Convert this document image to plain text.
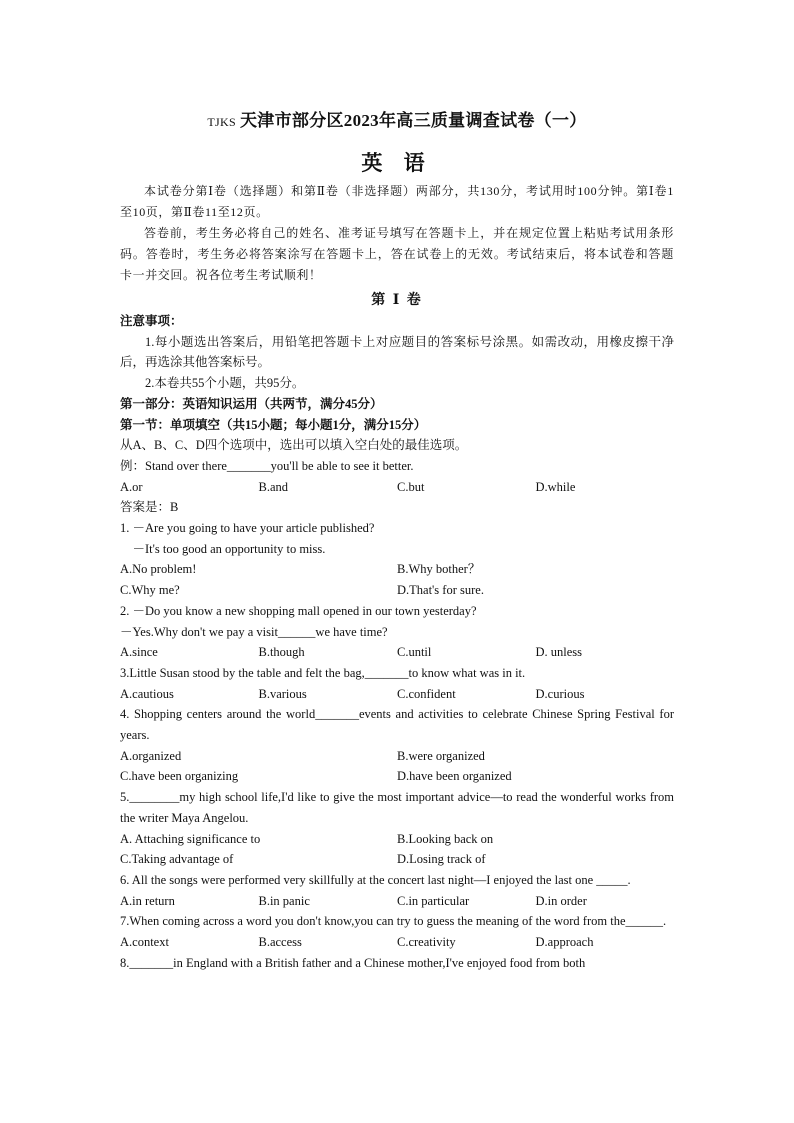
TJKS 天津市部分区2023年高三质量调查试卷（一）
英 语

本试卷分第Ⅰ卷（选择题）和第Ⅱ卷（非选择题）两部分，共130分，考试用时100分钟。第Ⅰ卷1至10页，第Ⅱ卷11至12页。

答卷前，考生务必将自己的姓名、准考证号填写在答题卡上，并在规定位置上粘贴考试用条形码。答卷时，考生务必将答案涂写在答题卡上，答在试卷上的无效。考试结束后，将本试卷和答题卡一并交回。祝各位考生考试顺利！

第 Ⅰ 卷

注意事项：

1.每小题选出答案后，用铅笔把答题卡上对应题目的答案标号涂黑。如需改动，用橡皮擦干净后，再选涂其他答案标号。

2.本卷共55个小题，共95分。

第一部分：英语知识运用（共两节，满分45分）

第一节：单项填空（共15小题；每小题1分，满分15分）

从A、B、C、D四个选项中，选出可以填入空白处的最佳选项。

例：Stand over there_______you'll be able to see it better.

A.or	B.and	C.but	D.while

答案是：B

1. －Are you going to have your article published?

－It's too good an opportunity to miss.

A.No problem!	B.Why bother？
C.Why me?	D.That's for sure.

2. －Do you know a new shopping mall opened in our town yesterday?

－Yes.Why don't we pay a visit______we have time?

A.since	B.though	C.until	D. unless

3.Little Susan stood by the table and felt the bag,_______to know what was in it.

A.cautious	B.various	C.confident	D.curious

4. Shopping centers around the world_______events and activities to celebrate Chinese Spring Festival for years.

A.organized	B.were organized
C.have been organizing	D.have been organized

5.________my high school life,I'd like to give the most important advice—to read the wonderful works from the writer Maya Angelou.

A. Attaching significance to	B.Looking back on
C.Taking advantage of	D.Losing track of

6. All the songs were performed very skillfully at the concert last night—I enjoyed the last one _____.

A.in return	B.in panic	C.in particular	D.in order

7.When coming across a word you don't know,you can try to guess the meaning of the word from the______.

A.context	B.access	C.creativity	D.approach

8._______in England with a British father and a Chinese mother,I've enjoyed food from both
